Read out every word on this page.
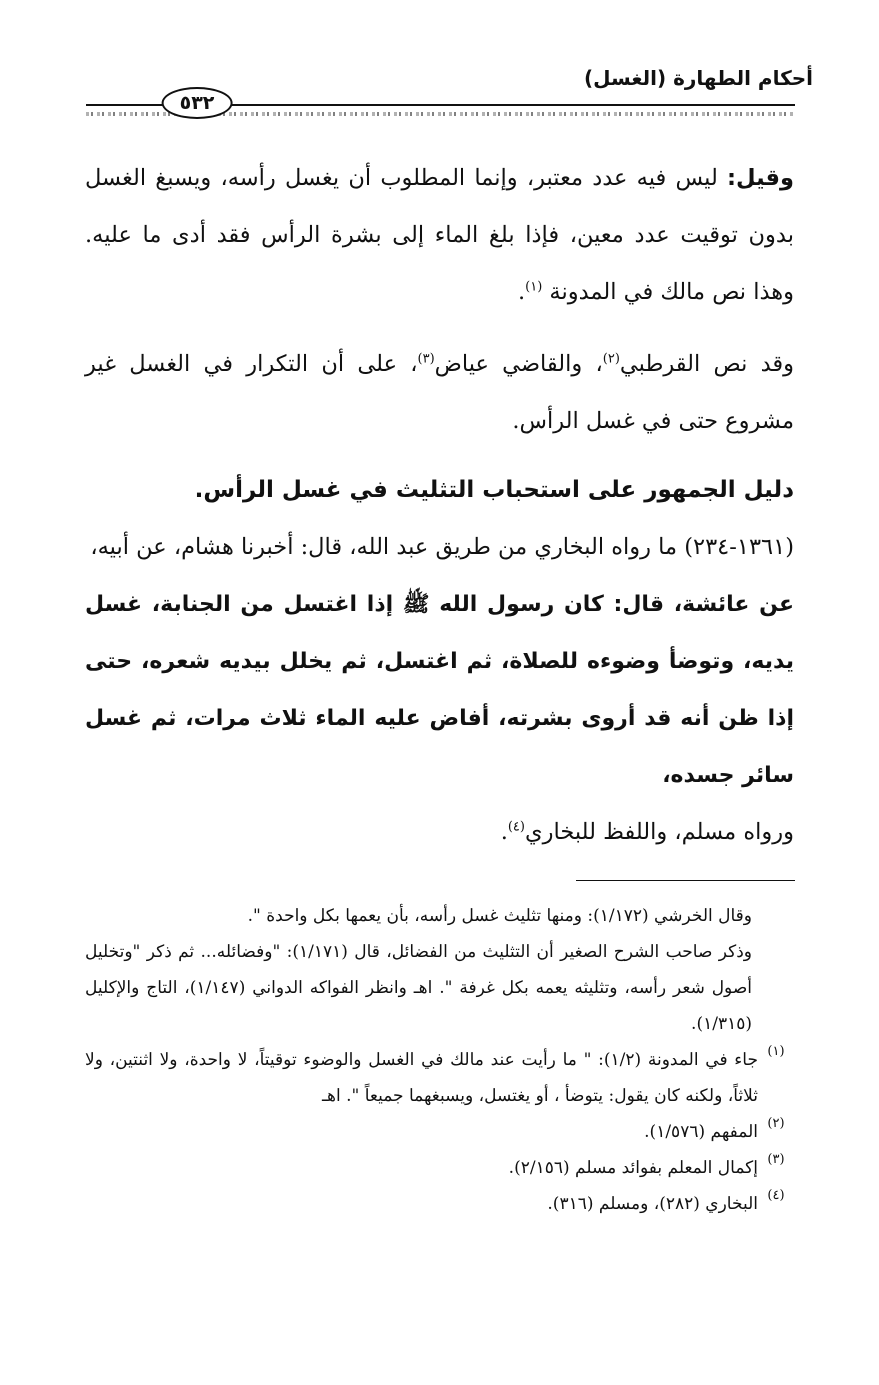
أحكام الطهارة (الغسل)
٥٣٢

وقيل: ليس فيه عدد معتبر، وإنما المطلوب أن يغسل رأسه، ويسبغ الغسل بدون توقيت عدد معين، فإذا بلغ الماء إلى بشرة الرأس فقد أدى ما عليه. وهذا نص مالك في المدونة $^{(١)}$.

وقد نص القرطبي$^{(٢)}$، والقاضي عياض$^{(٣)}$، على أن التكرار في الغسل غير مشروع حتى في غسل الرأس.

دليل الجمهور على استحباب التثليث في غسل الرأس.

(١٣٦١-٢٣٤) ما رواه البخاري من طريق عبد الله، قال: أخبرنا هشام، عن أبيه،

عن عائشة، قال: كان رسول الله ﷺ إذا اغتسل من الجنابة، غسل يديه، وتوضأ وضوءه للصلاة، ثم اغتسل، ثم يخلل بيديه شعره، حتى إذا ظن أنه قد أروى بشرته، أفاض عليه الماء ثلاث مرات، ثم غسل سائر جسده،

ورواه مسلم، واللفظ للبخاري$^{(٤)}$.

وقال الخرشي (١/١٧٢): ومنها تثليث غسل رأسه، بأن يعمها بكل واحدة ".

وذكر صاحب الشرح الصغير أن التثليث من الفضائل، قال (١/١٧١): "وفضائله... ثم ذكر "وتخليل أصول شعر رأسه، وتثليثه يعمه بكل غرفة ". اهـ وانظر الفواكه الدواني (١/١٤٧)، التاج والإكليل (١/٣١٥).

(١)
جاء في المدونة (١/٢): " ما رأيت عند مالك في الغسل والوضوء توقيتاً، لا واحدة، ولا اثنتين، ولا ثلاثاً، ولكنه كان يقول: يتوضأ ، أو يغتسل، ويسبغهما جميعاً ". اهـ
(٢)
المفهم (١/٥٧٦).
(٣)
إكمال المعلم بفوائد مسلم (٢/١٥٦).
(٤)
البخاري (٢٨٢)، ومسلم (٣١٦).
